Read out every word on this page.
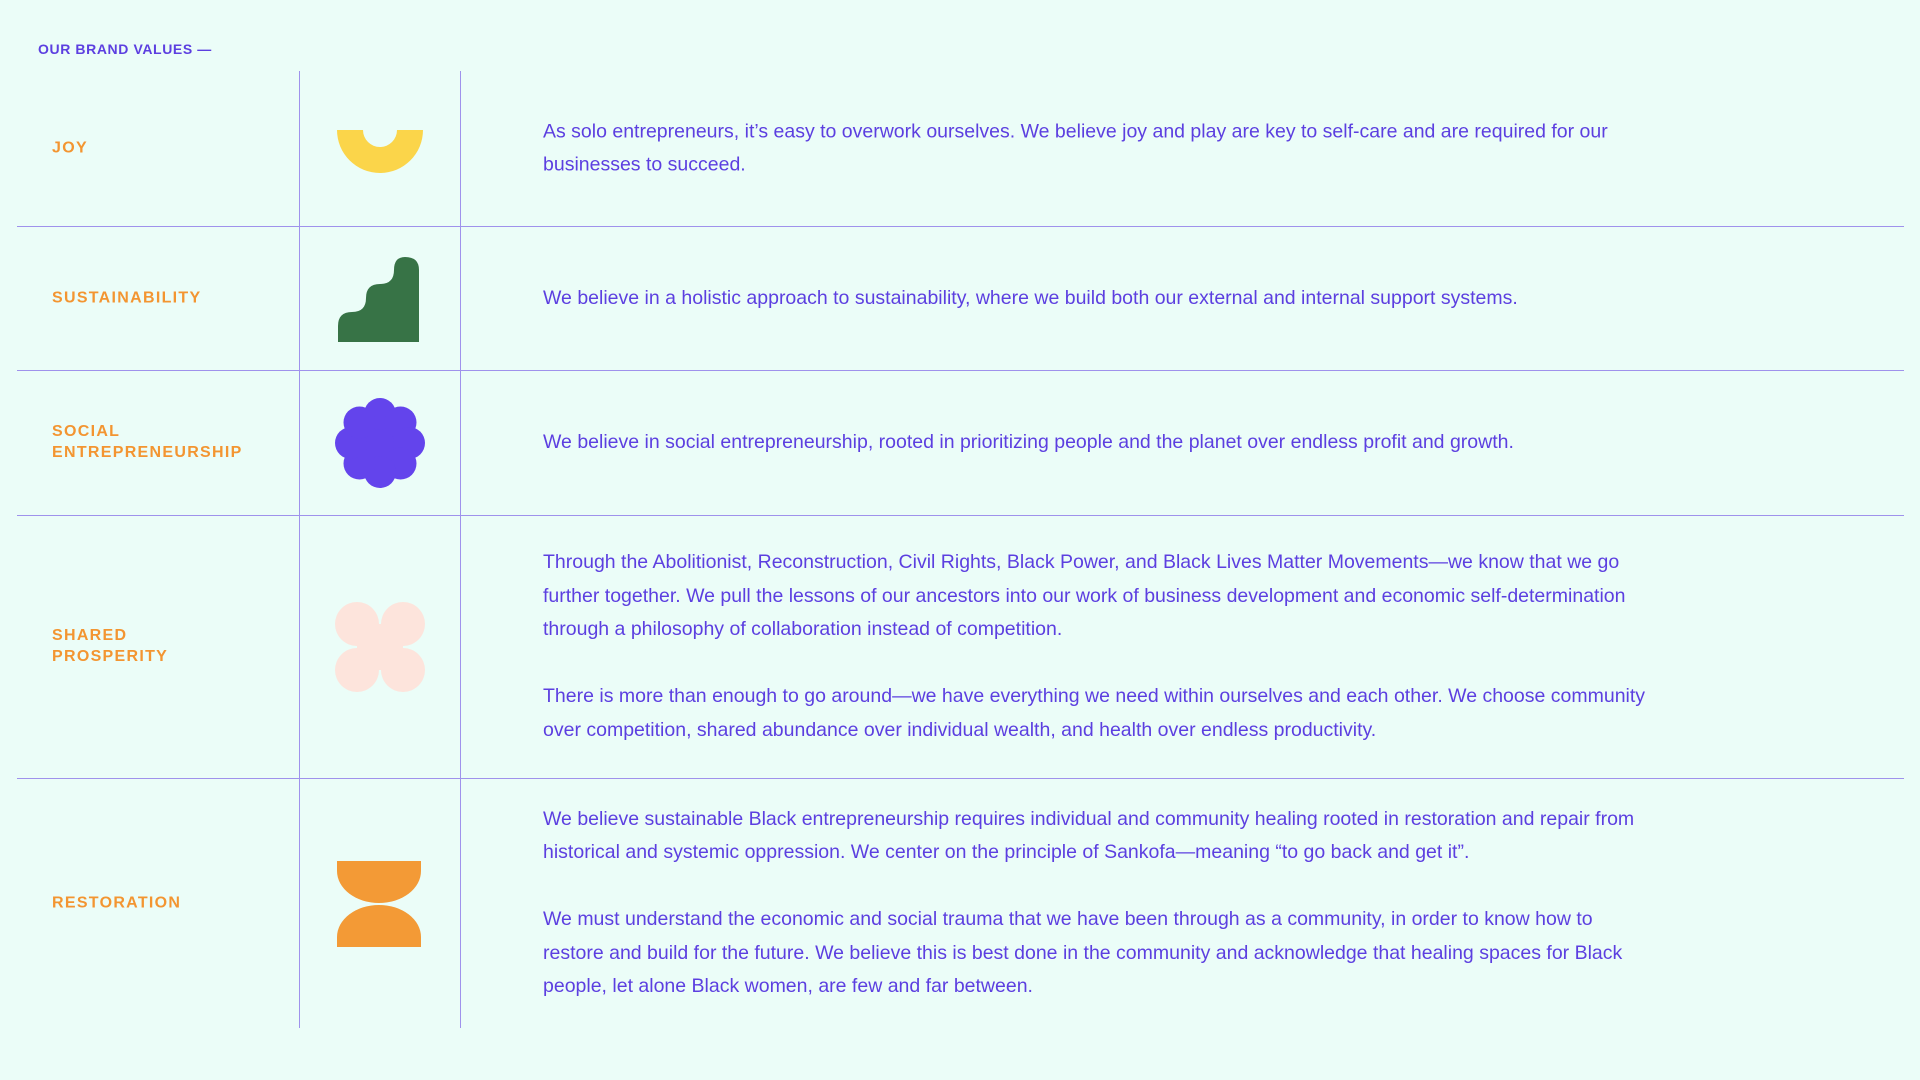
OUR BRAND VALUES —
JOY

As solo entrepreneurs, it’s easy to overwork ourselves. We believe joy and play are key to self-care and are required for our businesses to succeed.

SUSTAINABILITY	We believe in a holistic approach to sustainability, where we build both our external and internal support systems.

SOCIAL ENTREPRENEURSHIP	We believe in social entrepreneurship, rooted in prioritizing people and the planet over endless profit and growth.

SHARED PROSPERITY

Through the Abolitionist, Reconstruction, Civil Rights, Black Power, and Black Lives Matter Movements—we know that we go further together. We pull the lessons of our ancestors into our work of business development and economic self-determination through a philosophy of collaboration instead of competition.

There is more than enough to go around—we have everything we need within ourselves and each other. We choose community over competition, shared abundance over individual wealth, and health over endless productivity.

RESTORATION

We believe sustainable Black entrepreneurship requires individual and community healing rooted in restoration and repair from historical and systemic oppression. We center on the principle of Sankofa—meaning “to go back and get it”.

We must understand the economic and social trauma that we have been through as a community, in order to know how to restore and build for the future. We believe this is best done in the community and acknowledge that healing spaces for Black people, let alone Black women, are few and far between.
